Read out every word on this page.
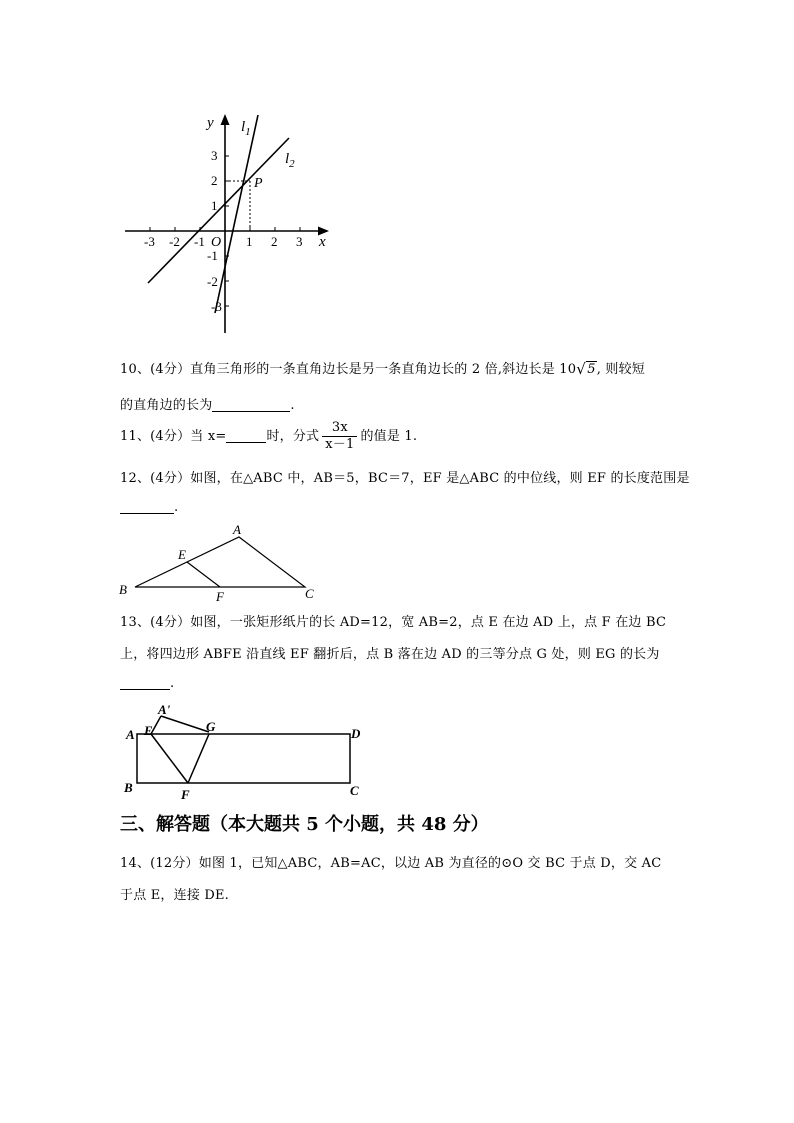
y
x
O
$l_1$
$l_2$
P
-3 -2 -1	1 2 3
3
2
1
-1
-2
-3
10、(4分）直角三角形的一条直角边长是另一条直角边长的 2 倍,斜边长是 10 √ 5, 则较短
的直角边的长为	.
11、(4分）当 x=	时，分式 $\frac{3x}{x-1}$ 的值是 1.
12、(4分）如图，在△ABC 中，AB＝5，BC＝7，EF 是△ABC 的中位线，则 EF 的长度范围是
.
A
B	C
E
F
13、(4分）如图，一张矩形纸片的长 AD=12，宽 AB=2，点 E 在边 AD 上，点 F 在边 BC
上，将四边形 ABFE 沿直线 EF 翻折后，点 B 落在边 AD 的三等分点 G 处，则 EG 的长为
.
A
A'
E	G	D
B	F	C
三、解答题（本大题共 5 个小题，共 48 分）
14、(12分）如图 1，已知△ABC，AB=AC，以边 AB 为直径的⊙O 交 BC 于点 D，交 AC
于点 E，连接 DE.
